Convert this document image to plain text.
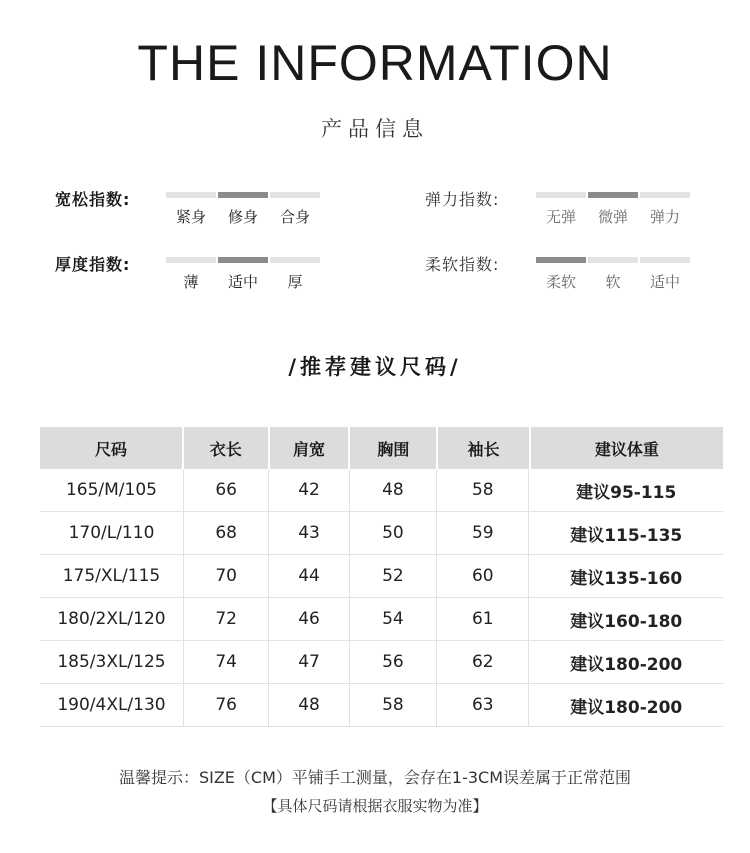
THE INFORMATION
产品信息
宽松指数:
紧身	修身	合身
弹力指数:
无弹	微弹	弹力
厚度指数:
薄	适中	厚
柔软指数:
柔软	软	适中
/推荐建议尺码/
尺码	衣长	肩宽	胸围	袖长	建议体重
165/M/105	66	42	48	58	建议95-115
170/L/110	68	43	50	59	建议115-135
175/XL/115	70	44	52	60	建议135-160
180/2XL/120	72	46	54	61	建议160-180
185/3XL/125	74	47	56	62	建议180-200
190/4XL/130	76	48	58	63	建议180-200
温馨提示：SIZE（CM）平铺手工测量，会存在1-3CM误差属于正常范围
【具体尺码请根据衣服实物为准】
